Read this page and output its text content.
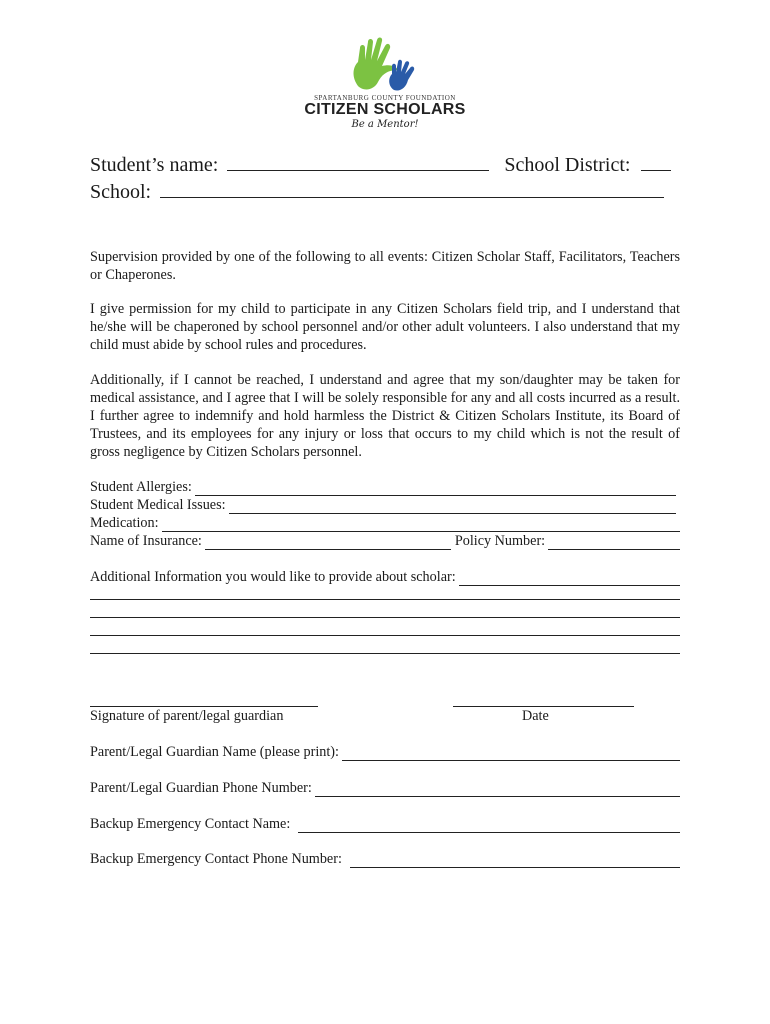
SPARTANBURG COUNTY FOUNDATION
CITIZEN SCHOLARS
Be a Mentor!
Student’s name:	School District:
School:
Supervision provided by one of the following to all events: Citizen Scholar Staff, Facilitators, Teachers or Chaperones.
I give permission for my child to participate in any Citizen Scholars field trip, and I understand that he/she will be chaperoned by school personnel and/or other adult volunteers. I also understand that my child must abide by school rules and procedures.
Additionally, if I cannot be reached, I understand and agree that my son/daughter may be taken for medical assistance, and I agree that I will be solely responsible for any and all costs incurred as a result. I further agree to indemnify and hold harmless the District & Citizen Scholars Institute, its Board of Trustees, and its employees for any injury or loss that occurs to my child which is not the result of gross negligence by Citizen Scholars personnel.
Student Allergies:
Student Medical Issues:
Medication:
Name of Insurance:	Policy Number:
Additional Information you would like to provide about scholar:
Signature of parent/legal guardian	Date
Parent/Legal Guardian Name (please print):
Parent/Legal Guardian Phone Number:
Backup Emergency Contact Name:
Backup Emergency Contact Phone Number:
